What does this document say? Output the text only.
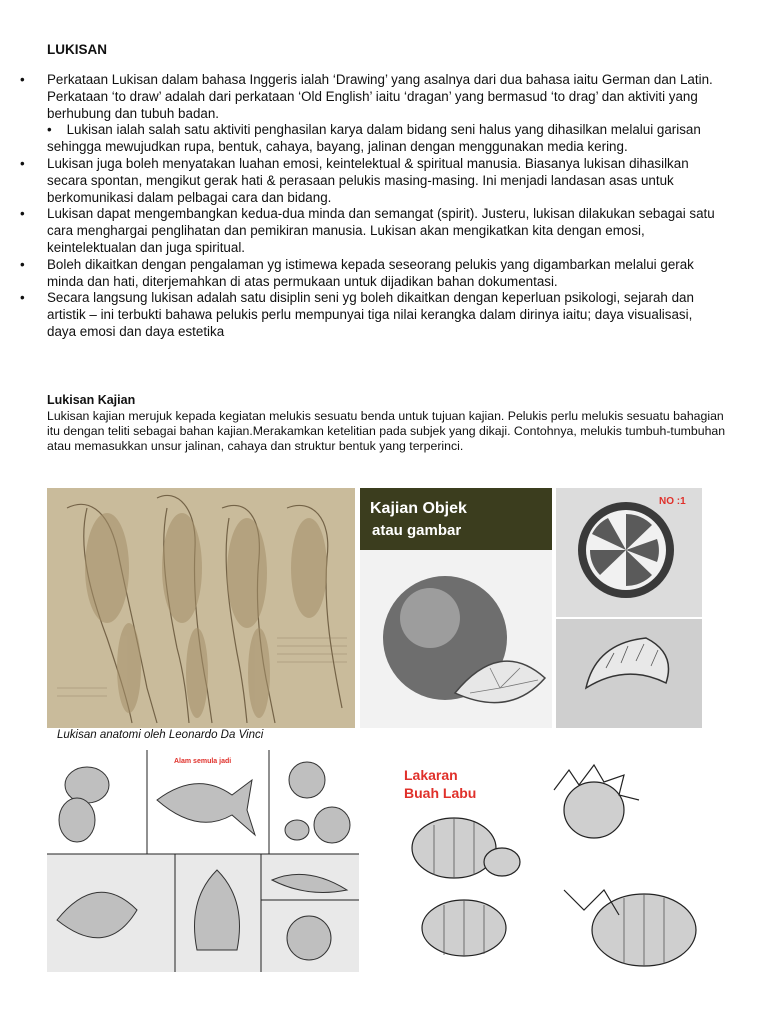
LUKISAN

• Perkataan Lukisan dalam bahasa Inggeris ialah ‘Drawing’ yang asalnya dari dua bahasa iaitu German dan Latin. Perkataan ‘to draw’ adalah dari perkataan ‘Old English’ iaitu ‘dragan’ yang bermasud ‘to drag’ dan aktiviti yang berhubung dan tubuh badan.

• Lukisan ialah salah satu aktiviti penghasilan karya dalam bidang seni halus yang dihasilkan melalui garisan sehingga mewujudkan rupa, bentuk, cahaya, bayang, jalinan dengan menggunakan media kering.

• Lukisan juga boleh menyatakan luahan emosi, keintelektual & spiritual manusia. Biasanya lukisan dihasilkan secara spontan, mengikut gerak hati & perasaan pelukis masing-masing. Ini menjadi landasan asas untuk berkomunikasi dalam pelbagai cara dan bidang.

• Lukisan dapat mengembangkan kedua-dua minda dan semangat (spirit). Justeru, lukisan dilakukan sebagai satu cara menghargai penglihatan dan pemikiran manusia. Lukisan akan mengikatkan kita dengan emosi, keintelektualan dan juga spiritual.

• Boleh dikaitkan dengan pengalaman yg istimewa kepada seseorang pelukis yang digambarkan melalui gerak minda dan hati, diterjemahkan di atas permukaan untuk dijadikan bahan dokumentasi.

• Secara langsung lukisan adalah satu disiplin seni yg boleh dikaitkan dengan keperluan psikologi, sejarah dan artistik – ini terbukti bahawa pelukis perlu mempunyai tiga nilai kerangka dalam dirinya iaitu; daya visualisasi, daya emosi dan daya estetika

Lukisan Kajian
Lukisan kajian merujuk kepada kegiatan melukis sesuatu benda untuk tujuan kajian. Pelukis perlu melukis sesuatu bahagian itu dengan teliti sebagai bahan kajian.Merakamkan ketelitian pada subjek yang dikaji. Contohnya, melukis tumbuh-tumbuhan atau memasukkan unsur jalinan, cahaya dan struktur bentuk yang terperinci.
Lukisan anatomi oleh Leonardo Da Vinci
Kajian Objek
atau gambar
NO :1
Alam semula jadi
Lakaran
Buah Labu
